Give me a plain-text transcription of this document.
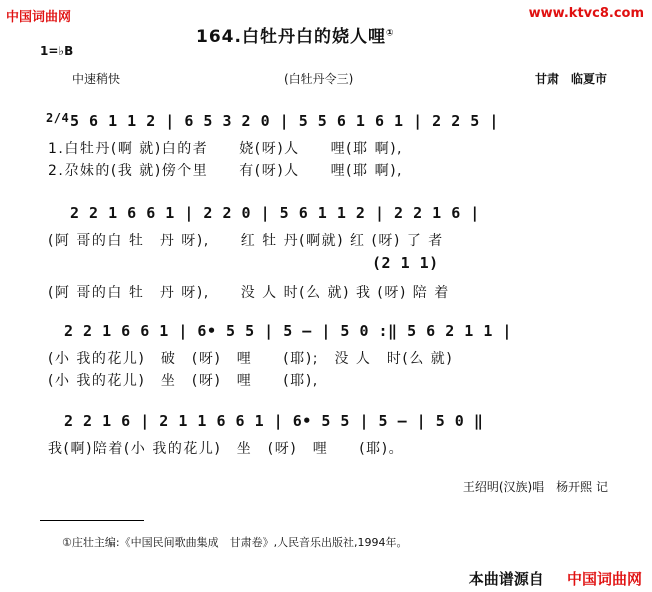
中国词曲网	www.ktvc8.com
164.白牡丹白的娆人哩①
1=♭B
中速稍快	(白牡丹令三)	甘肃　临夏市
2/4 5 6 1 1 2 | 6 5 3 2 0 | 5 5 6 1 6 1 | 2 2 5 |
1.白牡丹(啊 就)白的者　　娆(呀)人　　哩(耶 啊),
2.尕妹的(我 就)傍个里　　有(呀)人　　哩(耶 啊),
2 2 1 6 6 1 | 2 2 0 | 5 6 1 1 2 | 2 2 1 6 |
(阿 哥的白 牡　丹 呀),　　红 牡 丹(啊就) 红 (呀) 了 者
(2 1 1)
(阿 哥的白 牡　丹 呀),　　没 人 时(么 就) 我 (呀) 陪 着
2 2 1 6 6 1 | 6• 5 5 | 5 – | 5 0 :‖ 5 6 2 1 1 |
(小 我的花儿)　破　(呀)　哩　　(耶);　没 人　时(么 就)
(小 我的花儿)　坐　(呀)　哩　　(耶),
2 2 1 6 | 2 1 1 6 6 1 | 6• 5 5 | 5 – | 5 0 ‖
我(啊)陪着(小 我的花儿)　坐　(呀)　哩　　(耶)。
王绍明(汉族)唱　杨开熙 记
①庄壮主编:《中国民间歌曲集成　甘肃卷》,人民音乐出版社,1994年。
本曲谱源自 中国词曲网
